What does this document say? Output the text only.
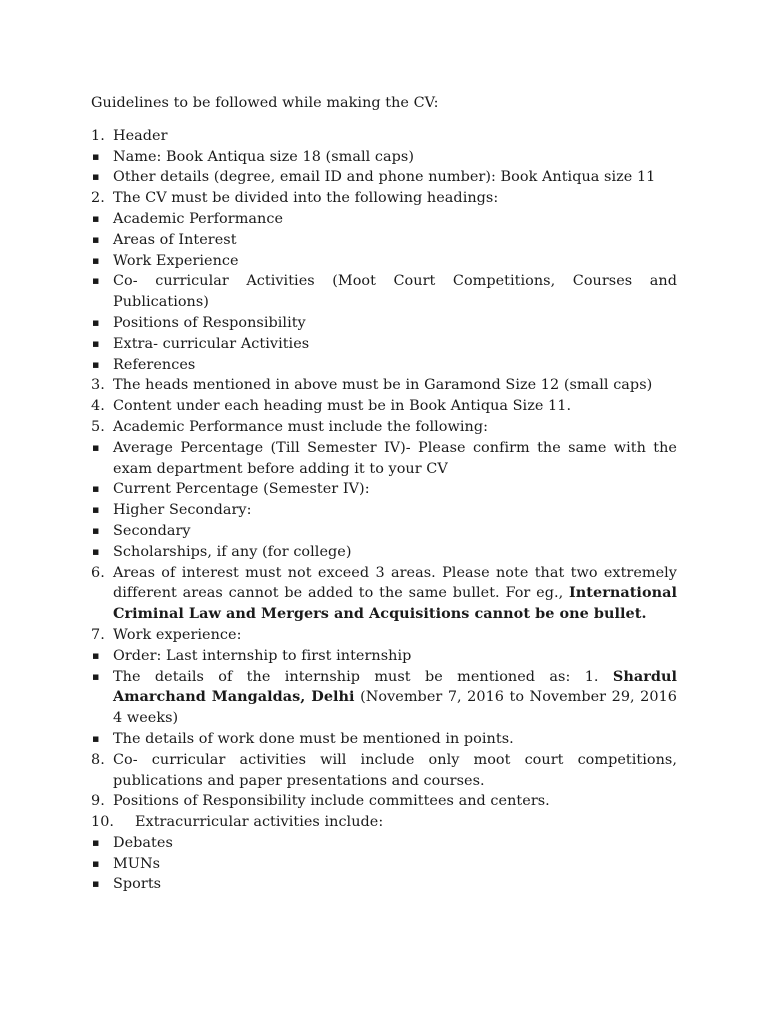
Guidelines to be followed while making the CV:

1. Header
▪ Name: Book Antiqua size 18 (small caps)
▪ Other details (degree, email ID and phone number): Book Antiqua size 11
2. The CV must be divided into the following headings:
▪ Academic Performance
▪ Areas of Interest
▪ Work Experience
▪ Co- curricular Activities (Moot Court Competitions, Courses and Publications)
▪ Positions of Responsibility
▪ Extra- curricular Activities
▪ References
3. The heads mentioned in above must be in Garamond Size 12 (small caps)
4. Content under each heading must be in Book Antiqua Size 11.
5. Academic Performance must include the following:
▪ Average Percentage (Till Semester IV)- Please confirm the same with the exam department before adding it to your CV
▪ Current Percentage (Semester IV):
▪ Higher Secondary:
▪ Secondary
▪ Scholarships, if any (for college)
6. Areas of interest must not exceed 3 areas. Please note that two extremely different areas cannot be added to the same bullet. For eg., International Criminal Law and Mergers and Acquisitions cannot be one bullet.
7. Work experience:
▪ Order: Last internship to first internship
▪ The details of the internship must be mentioned as: 1. Shardul Amarchand Mangaldas, Delhi (November 7, 2016 to November 29, 2016 4 weeks)
▪ The details of work done must be mentioned in points.
8. Co- curricular activities will include only moot court competitions, publications and paper presentations and courses.
9. Positions of Responsibility include committees and centers.
10.	Extracurricular activities include:
▪ Debates
▪ MUNs
▪ Sports
